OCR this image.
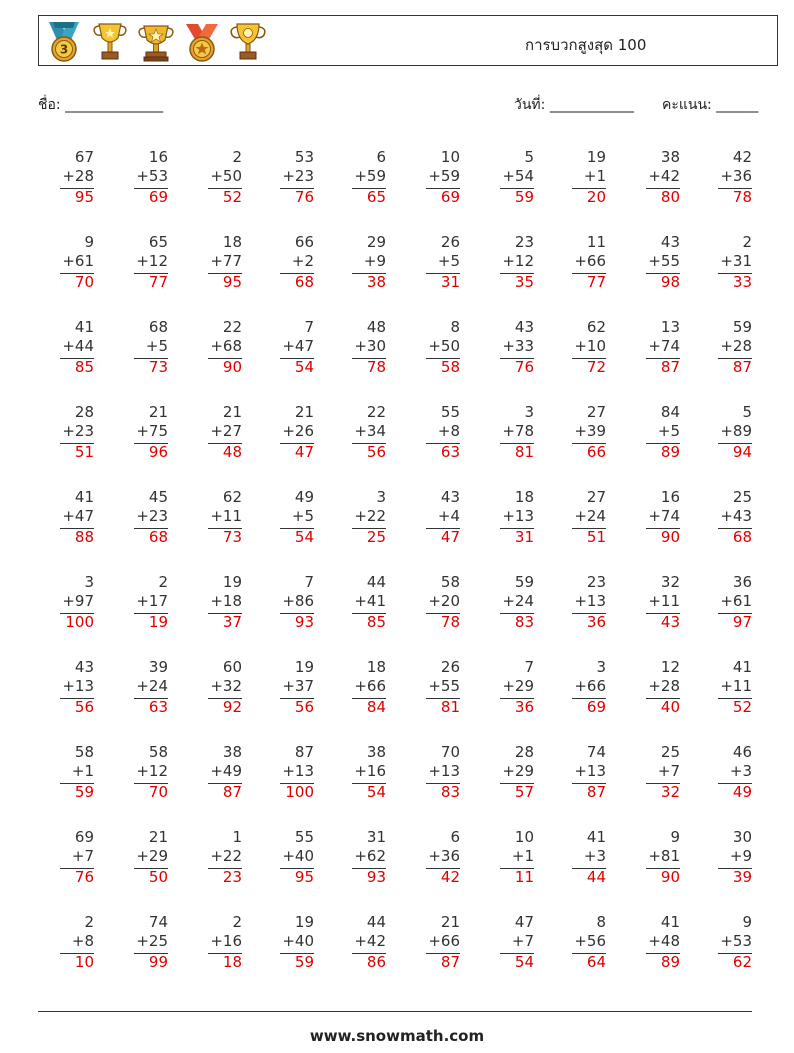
3	การบวกสูงสุด 100
ชื่อ: ______________	วันที่: ____________ คะแนน: ______
67
+28
95
16
+53
69
2
+50
52
53
+23
76
6
+59
65
10
+59
69
5
+54
59
19
+1
20
38
+42
80
42
+36
78
9
+61
70
65
+12
77
18
+77
95
66
+2
68
29
+9
38
26
+5
31
23
+12
35
11
+66
77
43
+55
98
2
+31
33
41
+44
85
68
+5
73
22
+68
90
7
+47
54
48
+30
78
8
+50
58
43
+33
76
62
+10
72
13
+74
87
59
+28
87
28
+23
51
21
+75
96
21
+27
48
21
+26
47
22
+34
56
55
+8
63
3
+78
81
27
+39
66
84
+5
89
5
+89
94
41
+47
88
45
+23
68
62
+11
73
49
+5
54
3
+22
25
43
+4
47
18
+13
31
27
+24
51
16
+74
90
25
+43
68
3
+97
100
2
+17
19
19
+18
37
7
+86
93
44
+41
85
58
+20
78
59
+24
83
23
+13
36
32
+11
43
36
+61
97
43
+13
56
39
+24
63
60
+32
92
19
+37
56
18
+66
84
26
+55
81
7
+29
36
3
+66
69
12
+28
40
41
+11
52
58
+1
59
58
+12
70
38
+49
87
87
+13
100
38
+16
54
70
+13
83
28
+29
57
74
+13
87
25
+7
32
46
+3
49
69
+7
76
21
+29
50
1
+22
23
55
+40
95
31
+62
93
6
+36
42
10
+1
11
41
+3
44
9
+81
90
30
+9
39
2
+8
10
74
+25
99
2
+16
18
19
+40
59
44
+42
86
21
+66
87
47
+7
54
8
+56
64
41
+48
89
9
+53
62
www.snowmath.com
